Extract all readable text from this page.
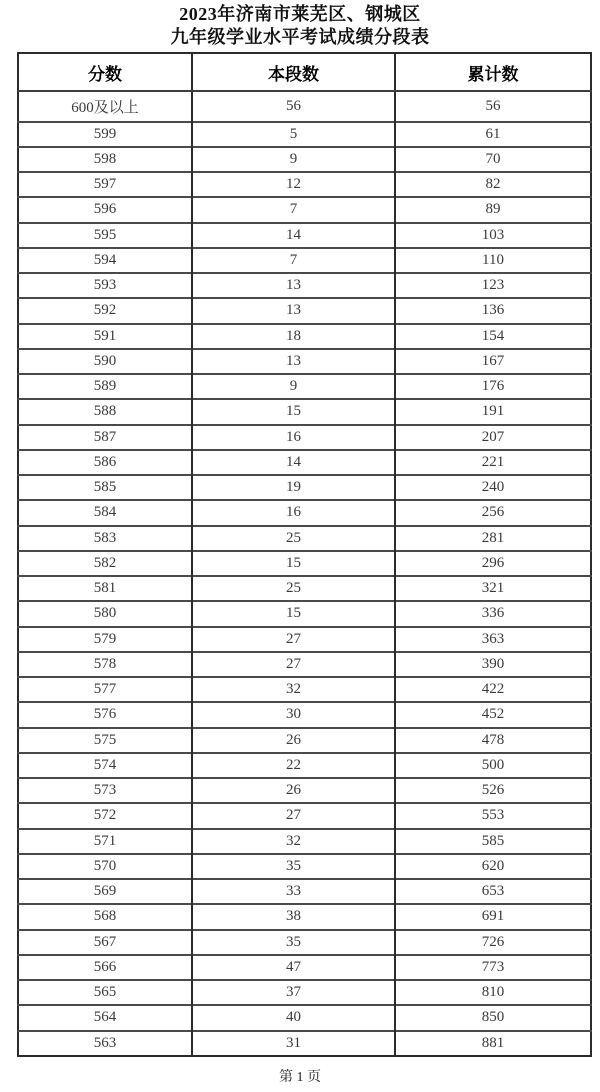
2023年济南市莱芜区、钢城区
九年级学业水平考试成绩分段表
分数	本段数	累计数
600及以上	56	56
599	5	61
598	9	70
597	12	82
596	7	89
595	14	103
594	7	110
593	13	123
592	13	136
591	18	154
590	13	167
589	9	176
588	15	191
587	16	207
586	14	221
585	19	240
584	16	256
583	25	281
582	15	296
581	25	321
580	15	336
579	27	363
578	27	390
577	32	422
576	30	452
575	26	478
574	22	500
573	26	526
572	27	553
571	32	585
570	35	620
569	33	653
568	38	691
567	35	726
566	47	773
565	37	810
564	40	850
563	31	881
第 1 页
